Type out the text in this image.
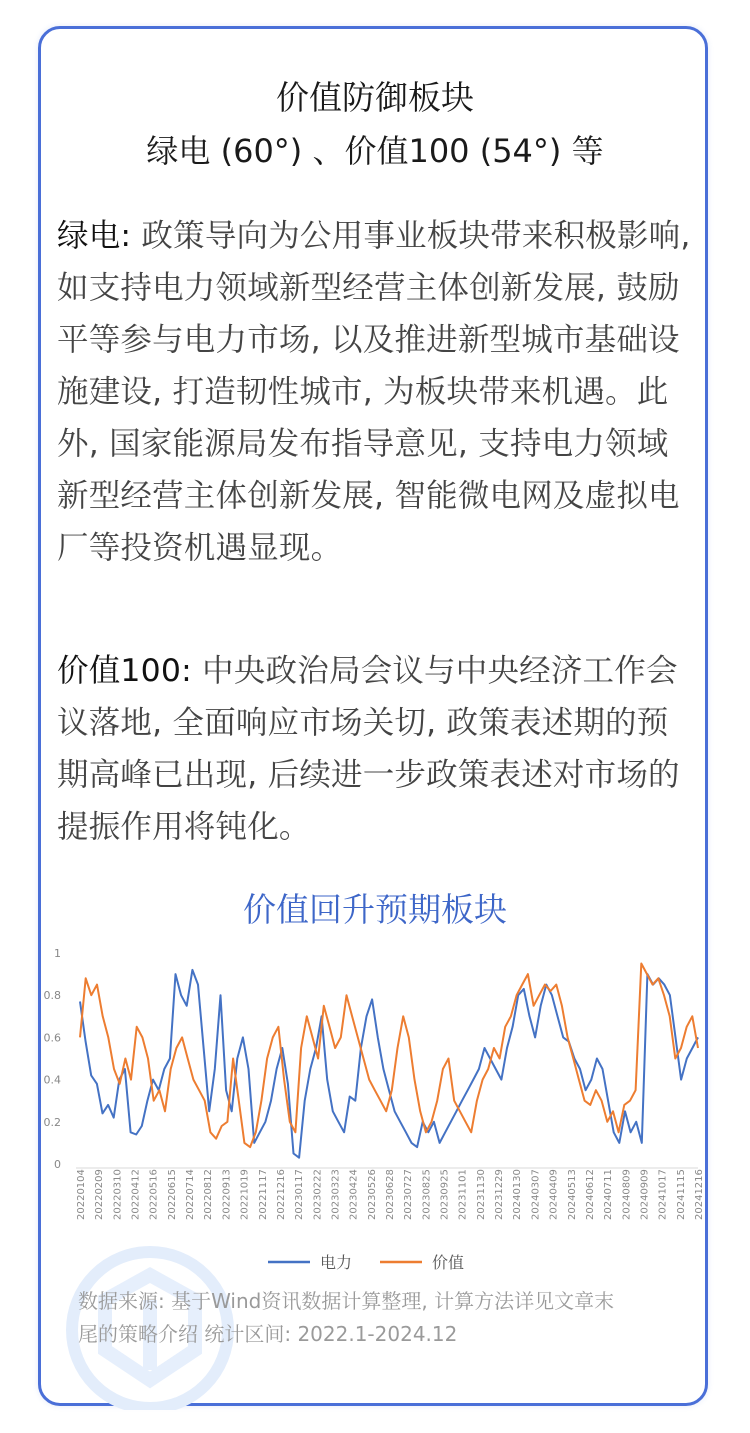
价值防御板块
绿电 (60°) 、价值100 (54°) 等
绿电: 政策导向为公用事业板块带来积极影响, 如支持电力领域新型经营主体创新发展, 鼓励平等参与电力市场, 以及推进新型城市基础设施建设, 打造韧性城市, 为板块带来机遇。此外, 国家能源局发布指导意见, 支持电力领域新型经营主体创新发展, 智能微电网及虚拟电厂等投资机遇显现。
价值100: 中央政治局会议与中央经济工作会议落地, 全面响应市场关切, 政策表述期的预期高峰已出现, 后续进一步政策表述对市场的提振作用将钝化。
价值回升预期板块
0
0.2
0.4
0.6
0.8
1
20220104 20220209 20220310 20220412 20220516 20220615 20220714 20220812 20220913 20221019 20221117 20221216 20230117 20230222 20230323 20230424 20230526 20230628 20230727 20230825 20230925 20231101 20231130 20231229 20240130 20240307 20240409 20240513 20240612 20240711 20240809 20240909 20241017 20241115 20241216
电力	价值
数据来源: 基于Wind资讯数据计算整理, 计算方法详见文章末
尾的策略介绍 统计区间: 2022.1-2024.12
